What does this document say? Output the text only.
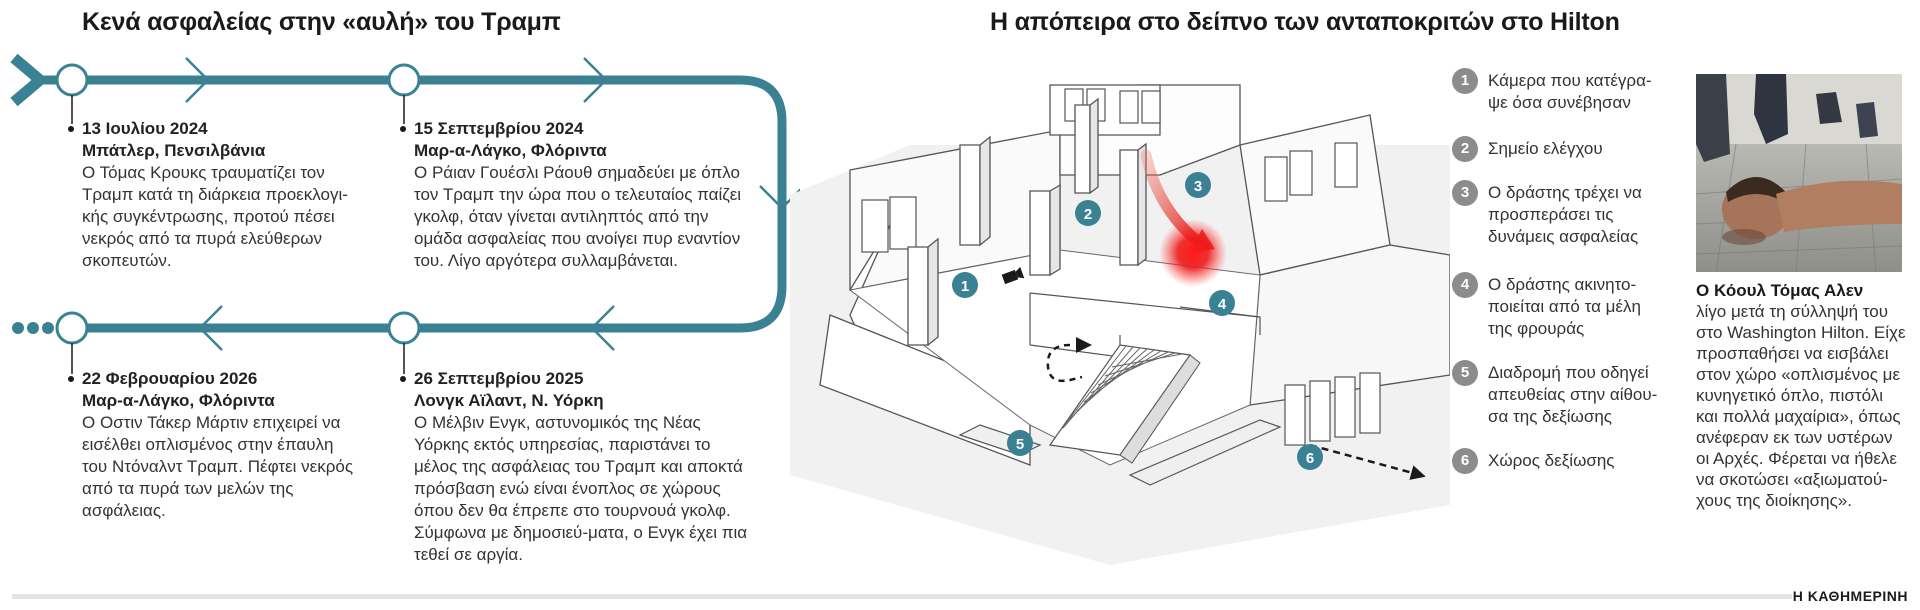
Κενά ασφαλείας στην «αυλή» του Τραμπ	Η απόπειρα στο δείπνο των ανταποκριτών στο Hilton
13 Ιουλίου 2024
Μπάτλερ, Πενσιλβάνια
Ο Τόμας Κρουκς τραυματίζει τον Τραμπ κατά τη διάρκεια προεκλογι-κής συγκέντρωσης, προτού πέσει νεκρός από τα πυρά ελεύθερων σκοπευτών.
15 Σεπτεμβρίου 2024
Μαρ-α-Λάγκο, Φλόριντα
Ο Ράιαν Γουέσλι Ράουθ σημαδεύει με όπλο τον Τραμπ την ώρα που ο τελευταίος παίζει γκολφ, όταν γίνεται αντιληπτός από την ομάδα ασφαλείας που ανοίγει πυρ εναντίον του. Λίγο αργότερα συλλαμβάνεται.
22 Φεβρουαρίου 2026
Μαρ-α-Λάγκο, Φλόριντα
Ο Οστιν Τάκερ Μάρτιν επιχειρεί να εισέλθει οπλισμένος στην έπαυλη του Ντόναλντ Τραμπ. Πέφτει νεκρός από τα πυρά των μελών της ασφάλειας.
26 Σεπτεμβρίου 2025
Λονγκ Αϊλαντ, Ν. Υόρκη
Ο Μέλβιν Ενγκ, αστυνομικός της Νέας Υόρκης εκτός υπηρεσίας, παριστάνει το μέλος της ασφάλειας του Τραμπ και αποκτά πρόσβαση ενώ είναι ένοπλος σε χώρους όπου δεν θα έπρεπε στο τουρνουά γκολφ. Σύμφωνα με δημοσιεύ-ματα, ο Ενγκ έχει πια τεθεί σε αργία.
1
2
3
4
5
6
1	Κάμερα που κατέγρα-ψε όσα συνέβησαν
2	Σημείο ελέγχου
3	Ο δράστης τρέχει να προσπεράσει τις δυνάμεις ασφαλείας
4	Ο δράστης ακινητο-ποιείται από τα μέλη της φρουράς
5	Διαδρομή που οδηγεί απευθείας στην αίθου-σα της δεξίωσης
6	Χώρος δεξίωσης
Ο Κόουλ Τόμας Αλεν
λίγο μετά τη σύλληψή του στο Washington Hilton. Είχε προσπαθήσει να εισβάλει στον χώρο «οπλισμένος με κυνηγετικό όπλο, πιστόλι και πολλά μαχαίρια», όπως ανέφεραν εκ των υστέρων οι Αρχές. Φέρεται να ήθελε να σκοτώσει «αξιωματού-χους της διοίκησης».
Η ΚΑΘΗΜΕΡΙΝΗ
